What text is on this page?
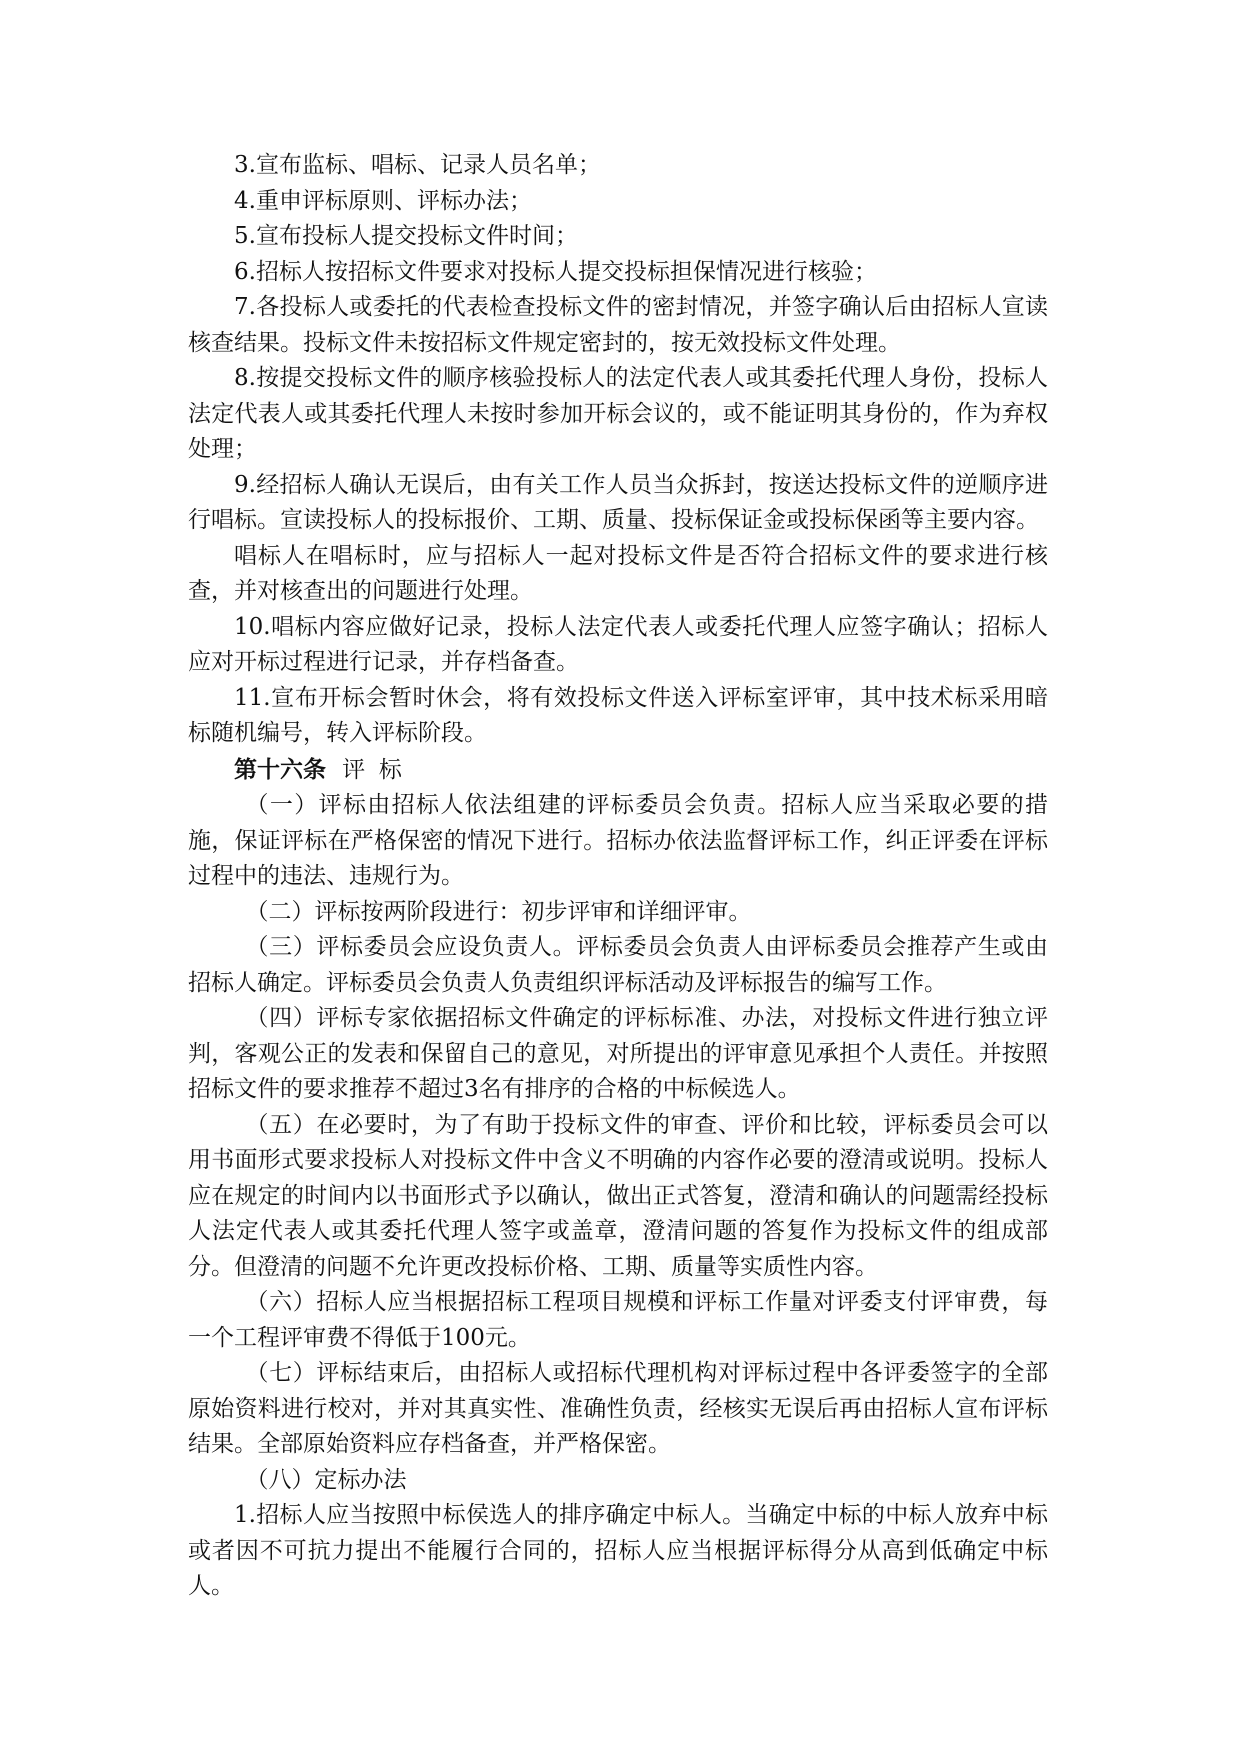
3.宣布监标、唱标、记录人员名单；

4.重申评标原则、评标办法；

5.宣布投标人提交投标文件时间；

6.招标人按招标文件要求对投标人提交投标担保情况进行核验；

7.各投标人或委托的代表检查投标文件的密封情况，并签字确认后由招标人宣读核查结果。投标文件未按招标文件规定密封的，按无效投标文件处理。

8.按提交投标文件的顺序核验投标人的法定代表人或其委托代理人身份，投标人法定代表人或其委托代理人未按时参加开标会议的，或不能证明其身份的，作为弃权处理；

9.经招标人确认无误后，由有关工作人员当众拆封，按送达投标文件的逆顺序进行唱标。宣读投标人的投标报价、工期、质量、投标保证金或投标保函等主要内容。

唱标人在唱标时，应与招标人一起对投标文件是否符合招标文件的要求进行核查，并对核查出的问题进行处理。

10.唱标内容应做好记录，投标人法定代表人或委托代理人应签字确认；招标人应对开标过程进行记录，并存档备查。

11.宣布开标会暂时休会，将有效投标文件送入评标室评审，其中技术标采用暗标随机编号，转入评标阶段。

第十六条 评标

（一）评标由招标人依法组建的评标委员会负责。招标人应当采取必要的措施，保证评标在严格保密的情况下进行。招标办依法监督评标工作，纠正评委在评标过程中的违法、违规行为。

（二）评标按两阶段进行：初步评审和详细评审。

（三）评标委员会应设负责人。评标委员会负责人由评标委员会推荐产生或由招标人确定。评标委员会负责人负责组织评标活动及评标报告的编写工作。

（四）评标专家依据招标文件确定的评标标准、办法，对投标文件进行独立评判，客观公正的发表和保留自己的意见，对所提出的评审意见承担个人责任。并按照招标文件的要求推荐不超过3名有排序的合格的中标候选人。

（五）在必要时，为了有助于投标文件的审查、评价和比较，评标委员会可以用书面形式要求投标人对投标文件中含义不明确的内容作必要的澄清或说明。投标人应在规定的时间内以书面形式予以确认，做出正式答复，澄清和确认的问题需经投标人法定代表人或其委托代理人签字或盖章，澄清问题的答复作为投标文件的组成部分。但澄清的问题不允许更改投标价格、工期、质量等实质性内容。

（六）招标人应当根据招标工程项目规模和评标工作量对评委支付评审费，每一个工程评审费不得低于100元。

（七）评标结束后，由招标人或招标代理机构对评标过程中各评委签字的全部原始资料进行校对，并对其真实性、准确性负责，经核实无误后再由招标人宣布评标结果。全部原始资料应存档备查，并严格保密。

（八）定标办法

1.招标人应当按照中标侯选人的排序确定中标人。当确定中标的中标人放弃中标或者因不可抗力提出不能履行合同的，招标人应当根据评标得分从高到低确定中标人。
